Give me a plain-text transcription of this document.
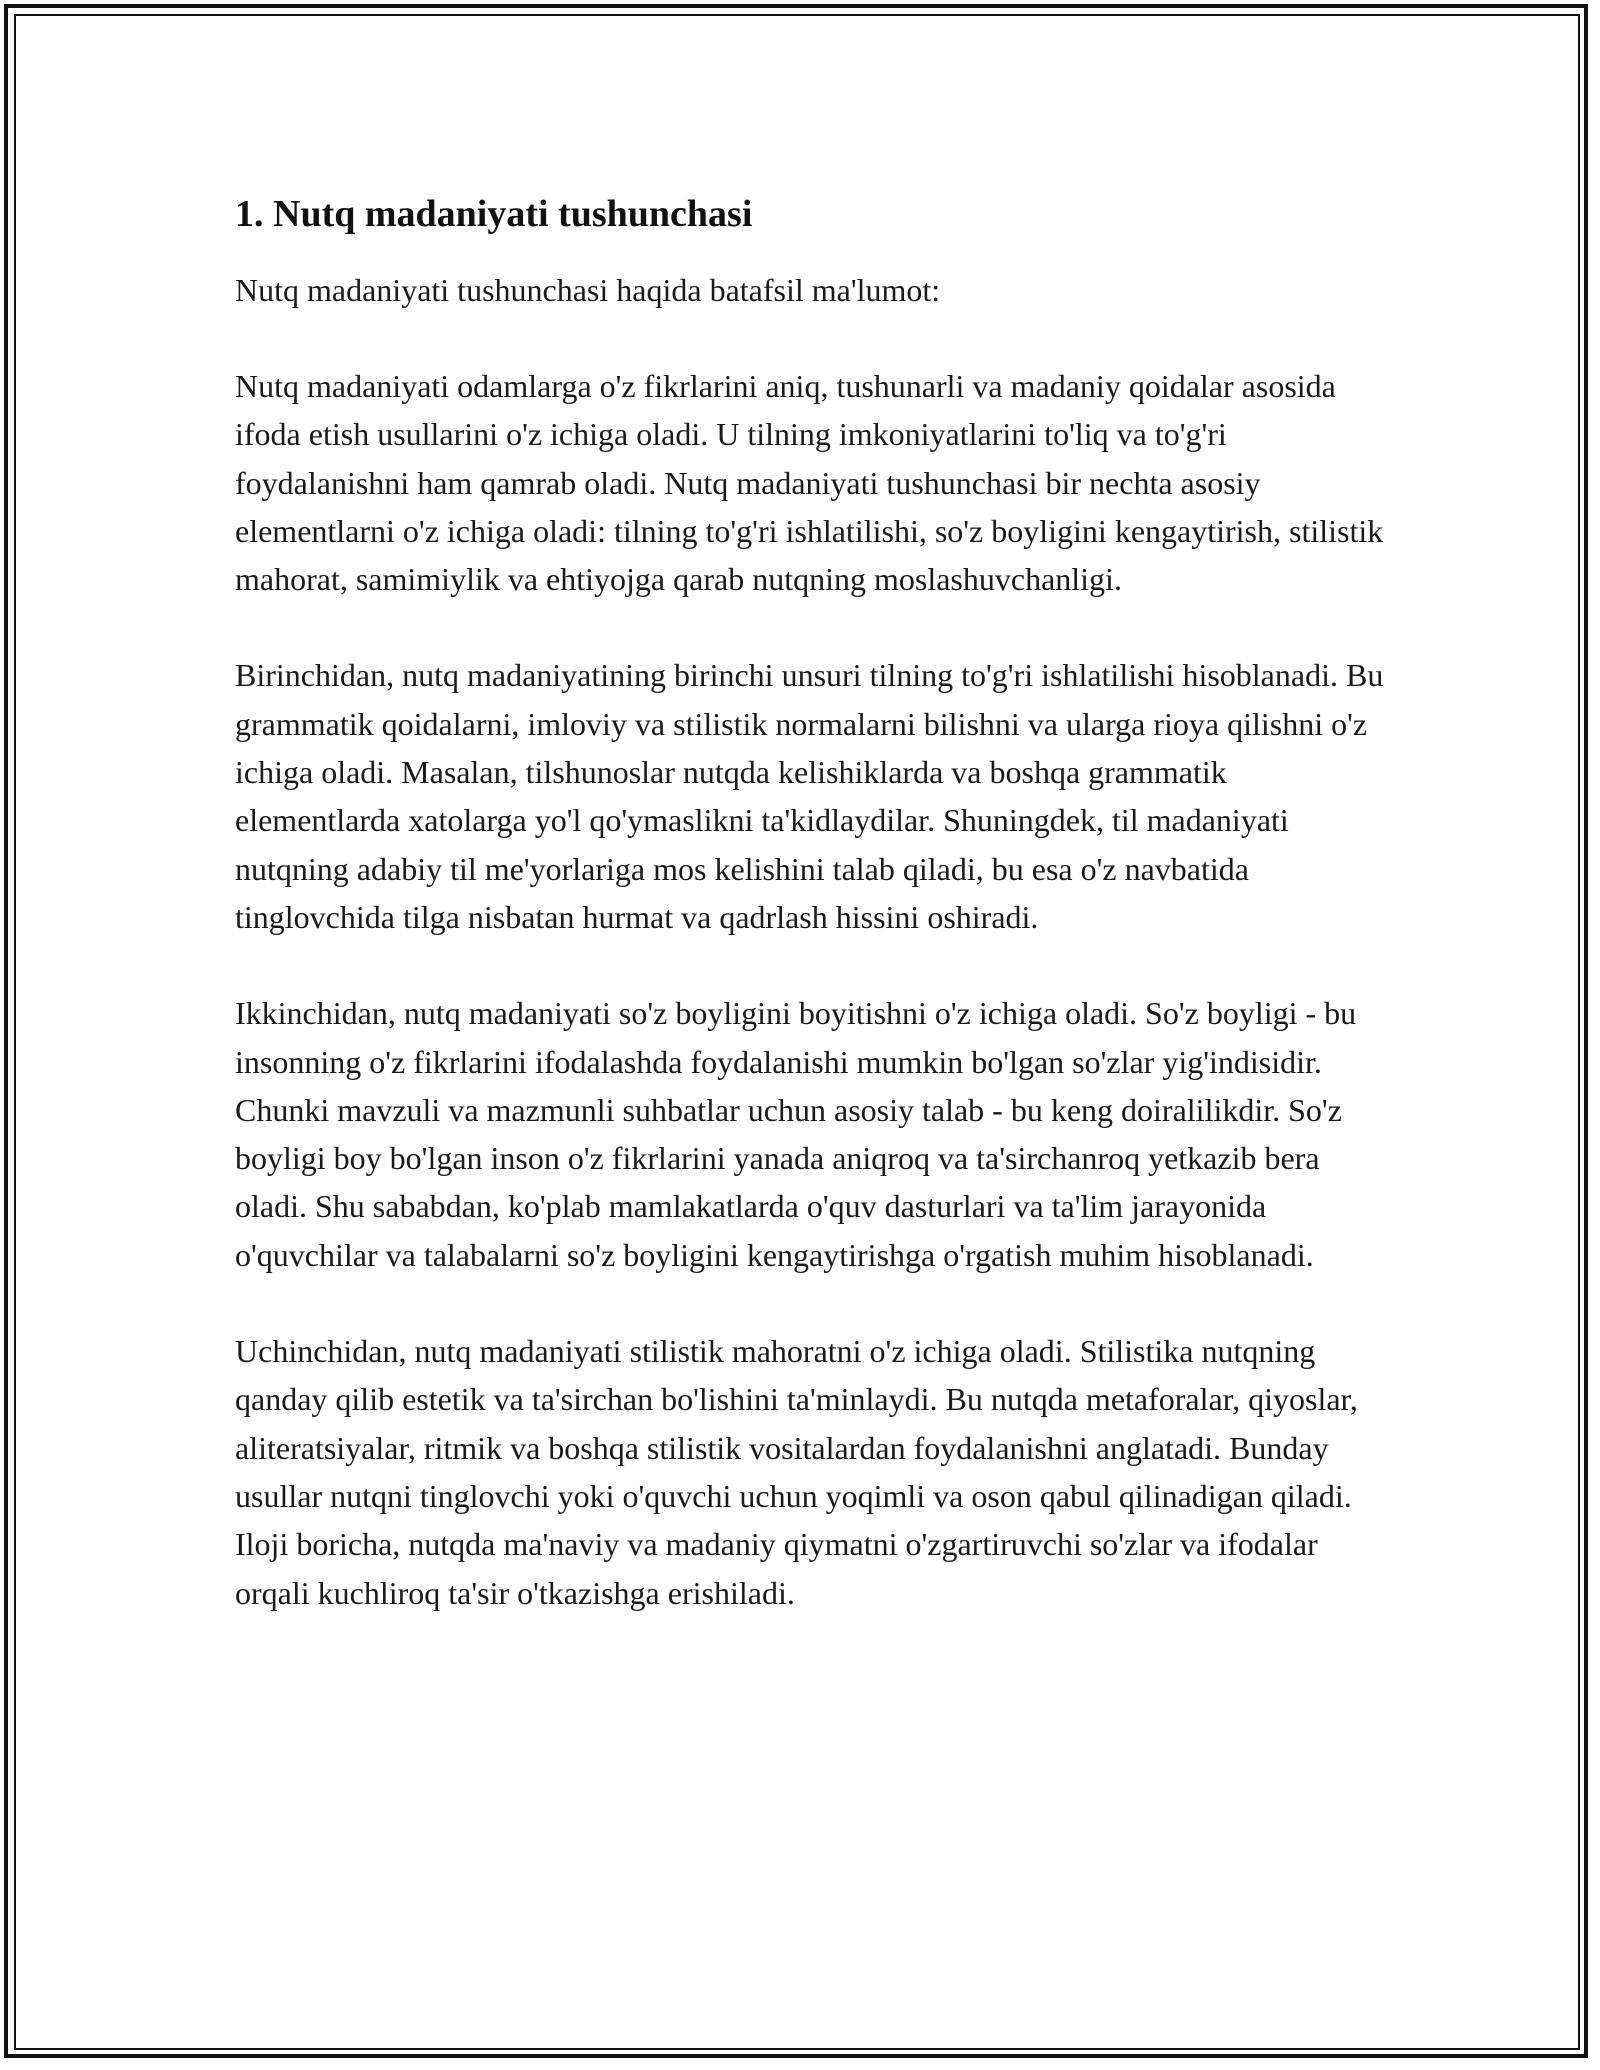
1. Nutq madaniyati tushunchasi

Nutq madaniyati tushunchasi haqida batafsil ma'lumot:

Nutq madaniyati odamlarga o'z fikrlarini aniq, tushunarli va madaniy qoidalar asosida ifoda etish usullarini o'z ichiga oladi. U tilning imkoniyatlarini to'liq va to'g'ri foydalanishni ham qamrab oladi. Nutq madaniyati tushunchasi bir nechta asosiy elementlarni o'z ichiga oladi: tilning to'g'ri ishlatilishi, so'z boyligini kengaytirish, stilistik mahorat, samimiylik va ehtiyojga qarab nutqning moslashuvchanligi.

Birinchidan, nutq madaniyatining birinchi unsuri tilning to'g'ri ishlatilishi hisoblanadi. Bu grammatik qoidalarni, imloviy va stilistik normalarni bilishni va ularga rioya qilishni o'z ichiga oladi. Masalan, tilshunoslar nutqda kelishiklarda va boshqa grammatik elementlarda xatolarga yo'l qo'ymaslikni ta'kidlaydilar. Shuningdek, til madaniyati nutqning adabiy til me'yorlariga mos kelishini talab qiladi, bu esa o'z navbatida tinglovchida tilga nisbatan hurmat va qadrlash hissini oshiradi.

Ikkinchidan, nutq madaniyati so'z boyligini boyitishni o'z ichiga oladi. So'z boyligi - bu insonning o'z fikrlarini ifodalashda foydalanishi mumkin bo'lgan so'zlar yig'indisidir. Chunki mavzuli va mazmunli suhbatlar uchun asosiy talab - bu keng doiralilikdir. So'z boyligi boy bo'lgan inson o'z fikrlarini yanada aniqroq va ta'sirchanroq yetkazib bera oladi. Shu sababdan, ko'plab mamlakatlarda o'quv dasturlari va ta'lim jarayonida o'quvchilar va talabalarni so'z boyligini kengaytirishga o'rgatish muhim hisoblanadi.

Uchinchidan, nutq madaniyati stilistik mahoratni o'z ichiga oladi. Stilistika nutqning qanday qilib estetik va ta'sirchan bo'lishini ta'minlaydi. Bu nutqda metaforalar, qiyoslar, aliteratsiyalar, ritmik va boshqa stilistik vositalardan foydalanishni anglatadi. Bunday usullar nutqni tinglovchi yoki o'quvchi uchun yoqimli va oson qabul qilinadigan qiladi. Iloji boricha, nutqda ma'naviy va madaniy qiymatni o'zgartiruvchi so'zlar va ifodalar orqali kuchliroq ta'sir o'tkazishga erishiladi.
